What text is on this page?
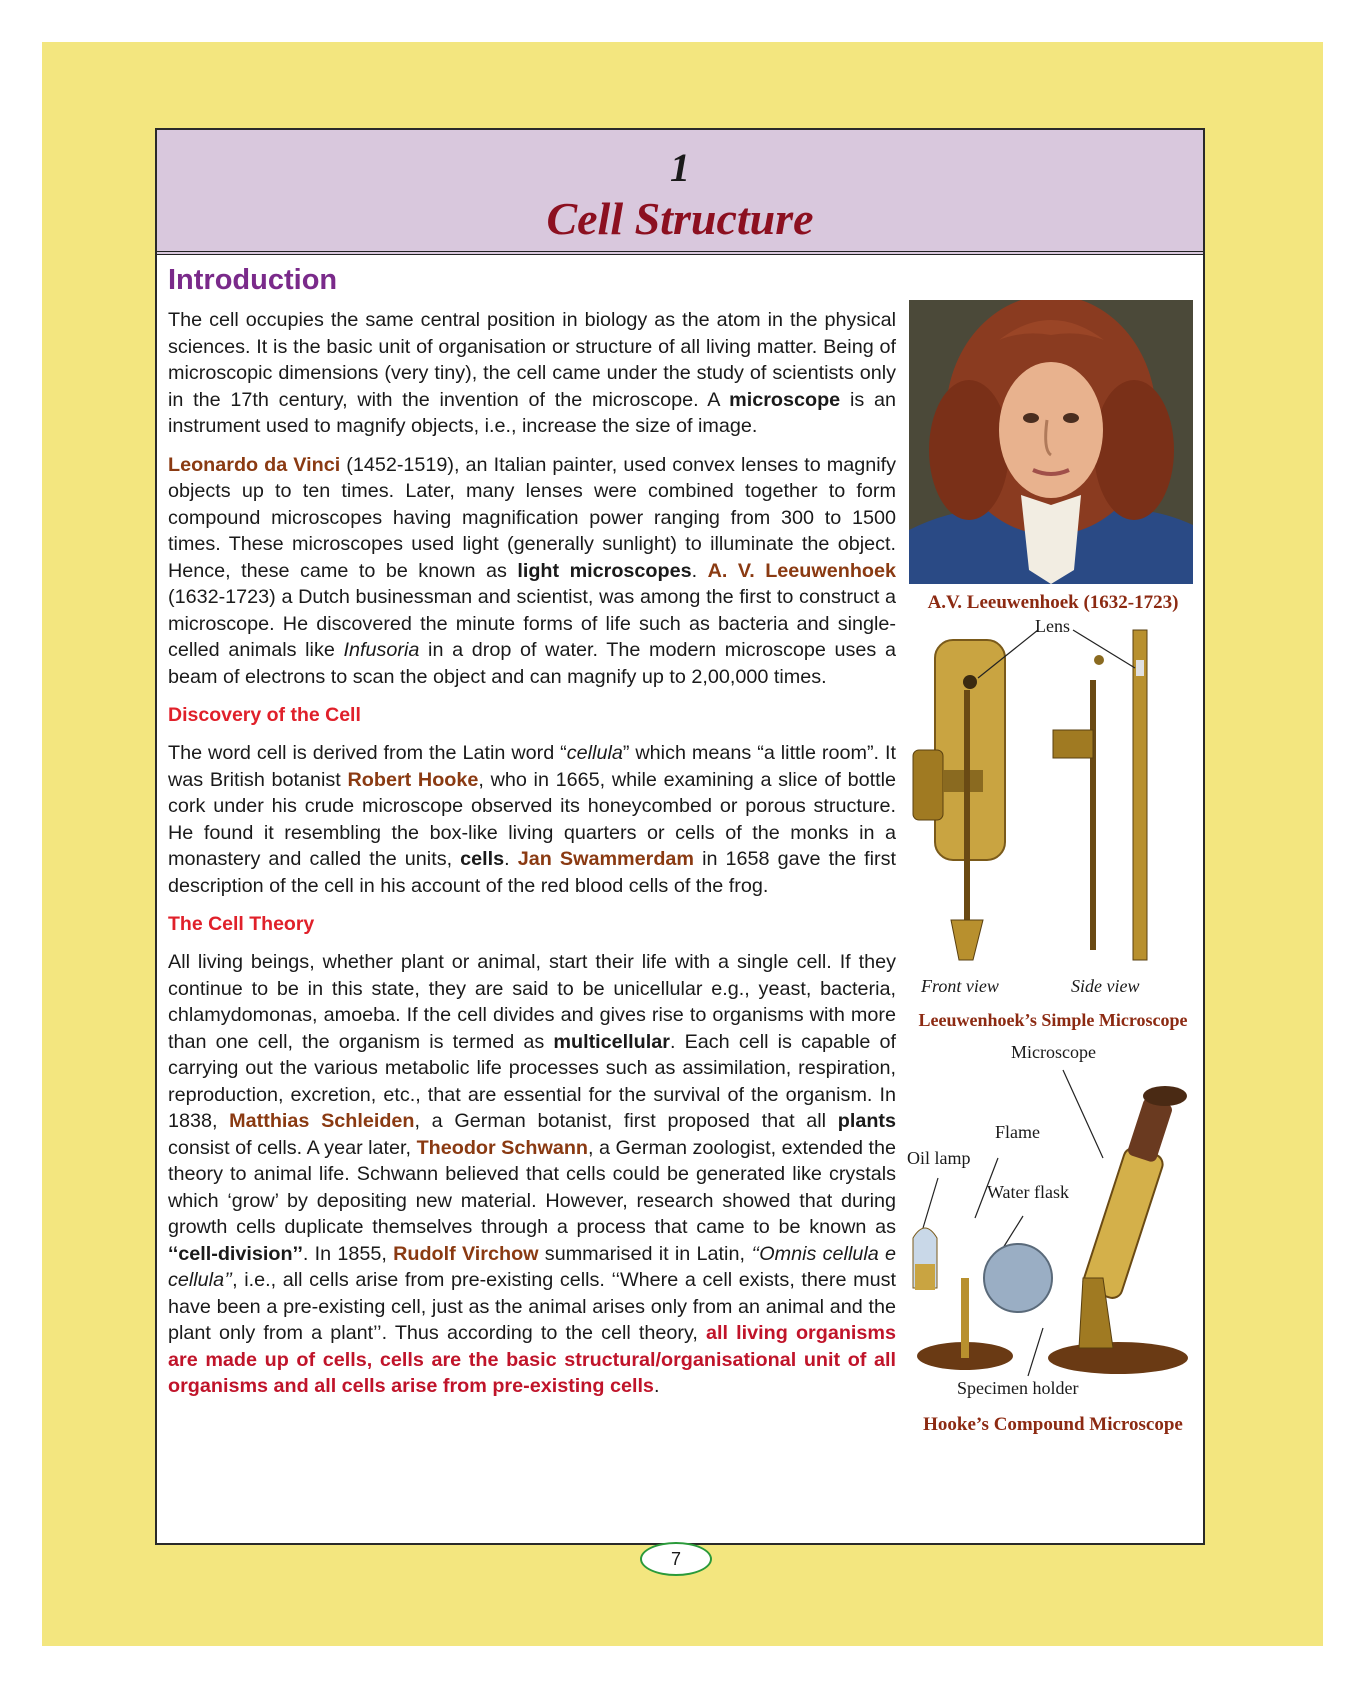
1
Cell Structure
Introduction

The cell occupies the same central position in biology as the atom in the physical sciences. It is the basic unit of organisation or structure of all living matter. Being of microscopic dimensions (very tiny), the cell came under the study of scientists only in the 17th century, with the invention of the microscope. A microscope is an instrument used to magnify objects, i.e., increase the size of image.

Leonardo da Vinci (1452-1519), an Italian painter, used convex lenses to magnify objects up to ten times. Later, many lenses were combined together to form compound microscopes having magnification power ranging from 300 to 1500 times. These microscopes used light (generally sunlight) to illuminate the object. Hence, these came to be known as light microscopes. A. V. Leeuwenhoek (1632-1723) a Dutch businessman and scientist, was among the first to construct a microscope. He discovered the minute forms of life such as bacteria and single-celled animals like Infusoria in a drop of water. The modern microscope uses a beam of electrons to scan the object and can magnify up to 2,00,000 times.

Discovery of the Cell

The word cell is derived from the Latin word “cellula” which means “a little room”. It was British botanist Robert Hooke, who in 1665, while examining a slice of bottle cork under his crude microscope observed its honeycombed or porous structure. He found it resembling the box-like living quarters or cells of the monks in a monastery and called the units, cells. Jan Swammerdam in 1658 gave the first description of the cell in his account of the red blood cells of the frog.

The Cell Theory

All living beings, whether plant or animal, start their life with a single cell. If they continue to be in this state, they are said to be unicellular e.g., yeast, bacteria, chlamydomonas, amoeba. If the cell divides and gives rise to organisms with more than one cell, the organism is termed as multicellular. Each cell is capable of carrying out the various metabolic life processes such as assimilation, respiration, reproduction, excretion, etc., that are essential for the survival of the organism. In 1838, Matthias Schleiden, a German botanist, first proposed that all plants consist of cells. A year later, Theodor Schwann, a German zoologist, extended the theory to animal life. Schwann believed that cells could be generated like crystals which ‘grow’ by depositing new material. However, research showed that during growth cells duplicate themselves through a process that came to be known as ‘‘cell-division’’. In 1855, Rudolf Virchow summarised it in Latin, ‘‘Omnis cellula e cellula’’, i.e., all cells arise from pre-existing cells. ‘‘Where a cell exists, there must have been a pre-existing cell, just as the animal arises only from an animal and the plant only from a plant’’. Thus according to the cell theory, all living organisms are made up of cells, cells are the basic structural/organisational unit of all organisms and all cells arise from pre-existing cells.

A.V. Leeuwenhoek (1632-1723)
Lens
Front view	Side view
Leeuwenhoek’s Simple Microscope
Microscope
Flame
Oil lamp
Water flask
Specimen holder
Hooke’s Compound Microscope
7
